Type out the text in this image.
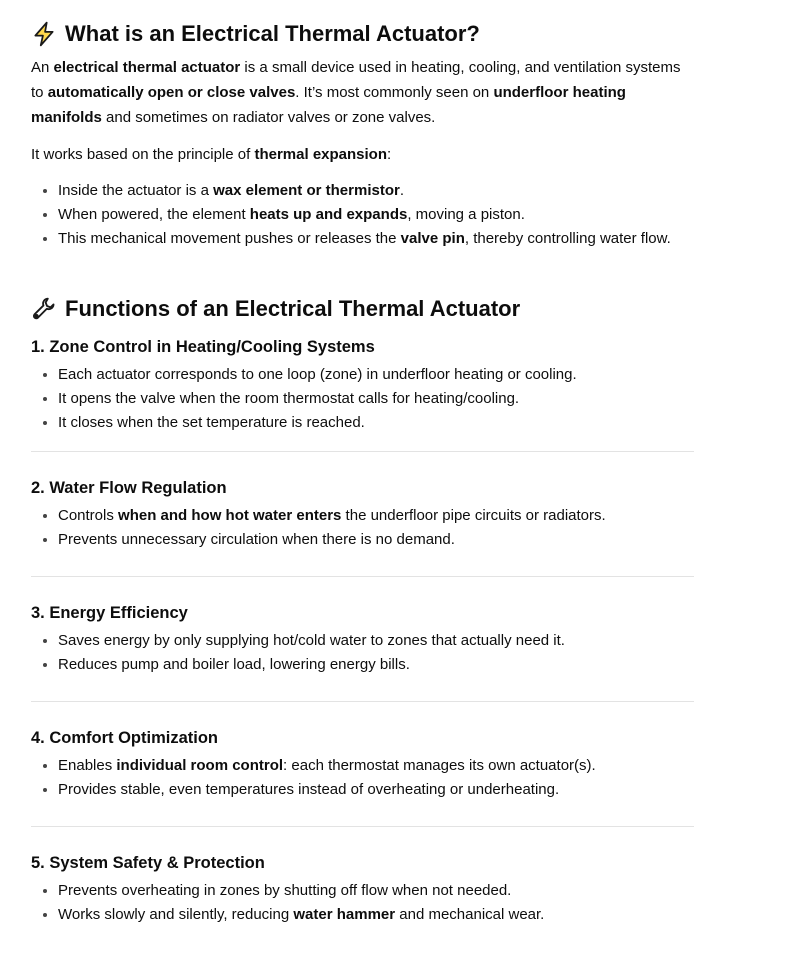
What is an Electrical Thermal Actuator?

An electrical thermal actuator is a small device used in heating, cooling, and ventilation systems to automatically open or close valves. It’s most commonly seen on underfloor heating manifolds and sometimes on radiator valves or zone valves.

It works based on the principle of thermal expansion:

• Inside the actuator is a wax element or thermistor.
• When powered, the element heats up and expands, moving a piston.
• This mechanical movement pushes or releases the valve pin, thereby controlling water flow.
Functions of an Electrical Thermal Actuator
1. Zone Control in Heating/Cooling Systems
• Each actuator corresponds to one loop (zone) in underfloor heating or cooling.
• It opens the valve when the room thermostat calls for heating/cooling.
• It closes when the set temperature is reached.
2. Water Flow Regulation
• Controls when and how hot water enters the underfloor pipe circuits or radiators.
• Prevents unnecessary circulation when there is no demand.
3. Energy Efficiency
• Saves energy by only supplying hot/cold water to zones that actually need it.
• Reduces pump and boiler load, lowering energy bills.
4. Comfort Optimization
• Enables individual room control: each thermostat manages its own actuator(s).
• Provides stable, even temperatures instead of overheating or underheating.
5. System Safety & Protection
• Prevents overheating in zones by shutting off flow when not needed.
• Works slowly and silently, reducing water hammer and mechanical wear.
